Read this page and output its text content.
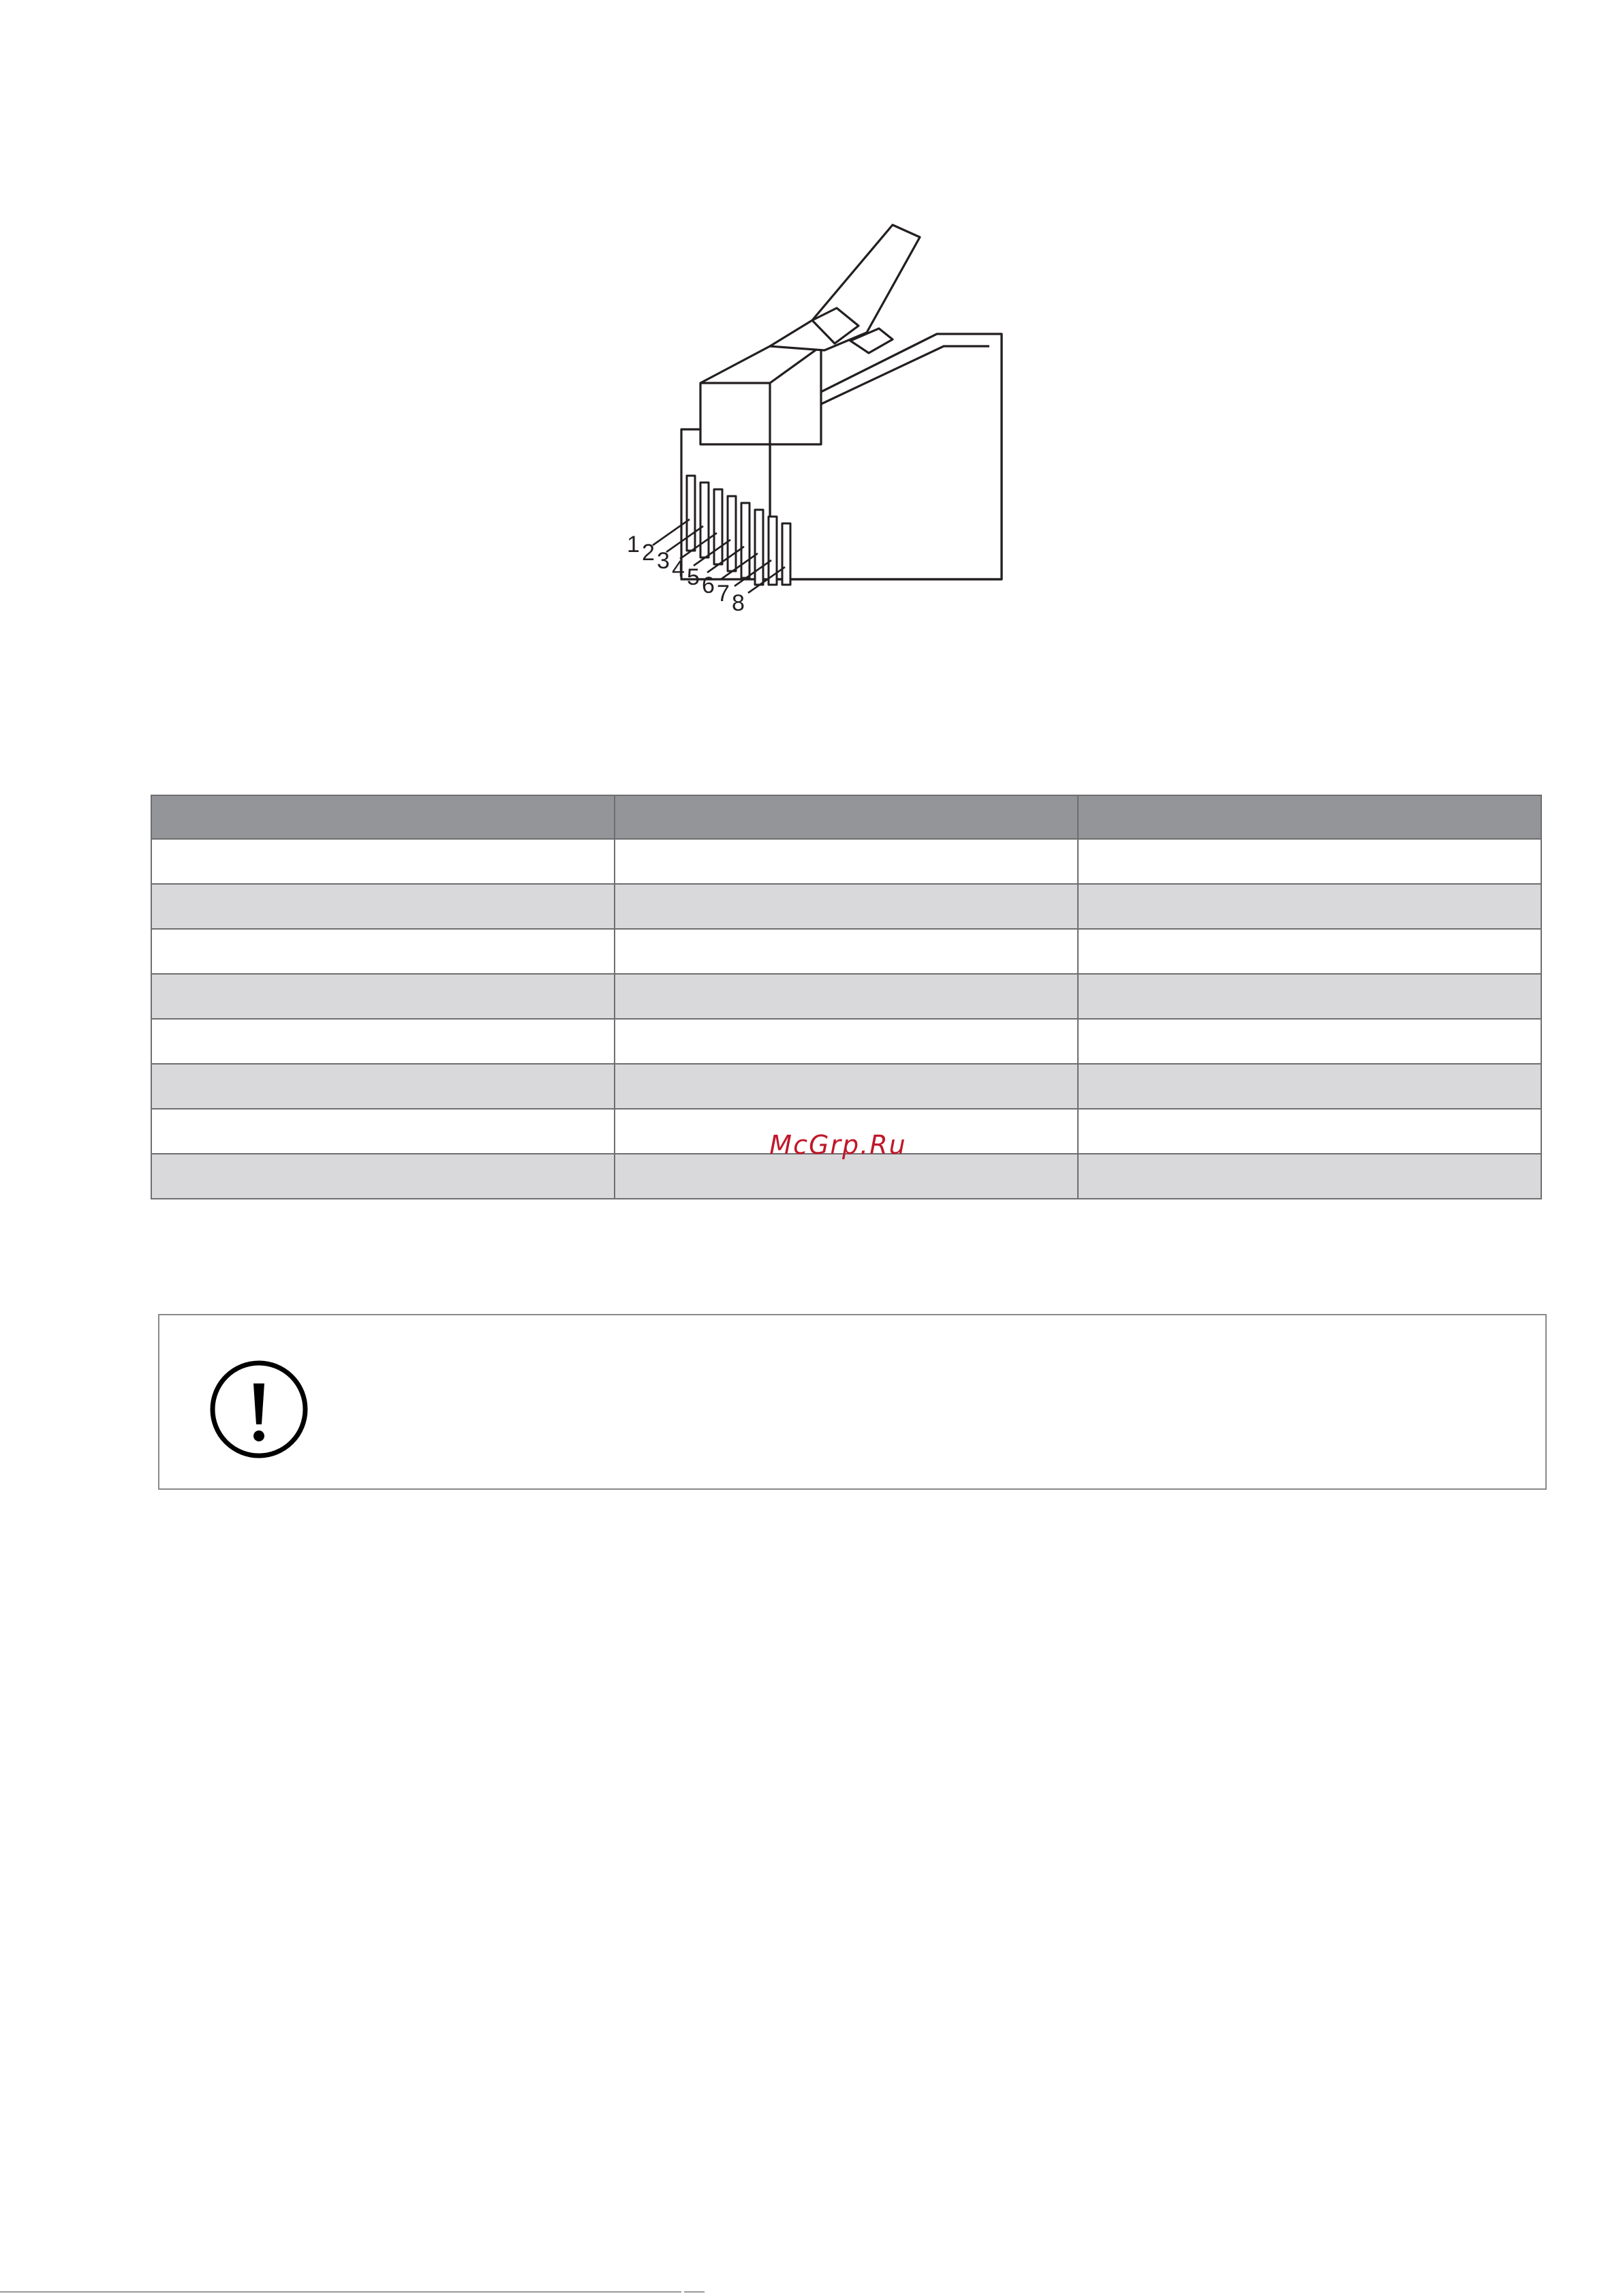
1 2 3 4 5 6 7 8

McGrp.Ru
